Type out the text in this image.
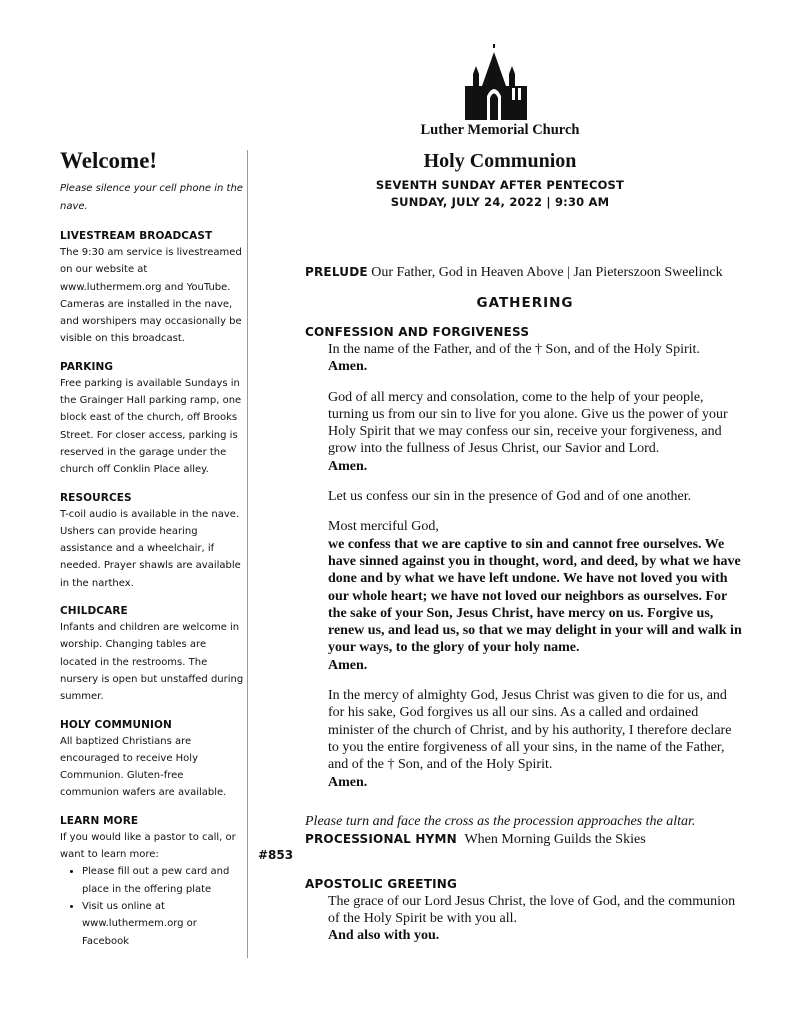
Luther Memorial Church
Holy Communion
SEVENTH SUNDAY AFTER PENTECOST
SUNDAY, JULY 24, 2022 | 9:30 AM
Welcome!
Please silence your cell phone in the nave.
LIVESTREAM BROADCAST
The 9:30 am service is livestreamed on our website at www.luthermem.org and YouTube. Cameras are installed in the nave, and worshipers may occasionally be visible on this broadcast.
PARKING
Free parking is available Sundays in the Grainger Hall parking ramp, one block east of the church, off Brooks Street. For closer access, parking is reserved in the garage under the church off Conklin Place alley.
RESOURCES
T-coil audio is available in the nave. Ushers can provide hearing assistance and a wheelchair, if needed. Prayer shawls are available in the narthex.
CHILDCARE
Infants and children are welcome in worship. Changing tables are located in the restrooms. The nursery is open but unstaffed during summer.
HOLY COMMUNION
All baptized Christians are encouraged to receive Holy Communion. Gluten-free communion wafers are available.
LEARN MORE
If you would like a pastor to call, or want to learn more:
• Please fill out a pew card and place in the offering plate
• Visit us online at www.luthermem.org or Facebook
PRELUDE Our Father, God in Heaven Above | Jan Pieterszoon Sweelinck
GATHERING
CONFESSION AND FORGIVENESS
In the name of the Father, and of the † Son, and of the Holy Spirit.
Amen.
God of all mercy and consolation, come to the help of your people, turning us from our sin to live for you alone. Give us the power of your Holy Spirit that we may confess our sin, receive your forgiveness, and grow into the fullness of Jesus Christ, our Savior and Lord.
Amen.
Let us confess our sin in the presence of God and of one another.
Most merciful God,
we confess that we are captive to sin and cannot free ourselves. We have sinned against you in thought, word, and deed, by what we have done and by what we have left undone. We have not loved you with our whole heart; we have not loved our neighbors as ourselves. For the sake of your Son, Jesus Christ, have mercy on us. Forgive us, renew us, and lead us, so that we may delight in your will and walk in your ways, to the glory of your holy name.
Amen.
In the mercy of almighty God, Jesus Christ was given to die for us, and for his sake, God forgives us all our sins. As a called and ordained minister of the church of Christ, and by his authority, I therefore declare to you the entire forgiveness of all your sins, in the name of the Father, and of the † Son, and of the Holy Spirit.
Amen.
Please turn and face the cross as the procession approaches the altar.
PROCESSIONAL HYMN When Morning Guilds the Skies
APOSTOLIC GREETING
The grace of our Lord Jesus Christ, the love of God, and the communion of the Holy Spirit be with you all.
And also with you.
#853
